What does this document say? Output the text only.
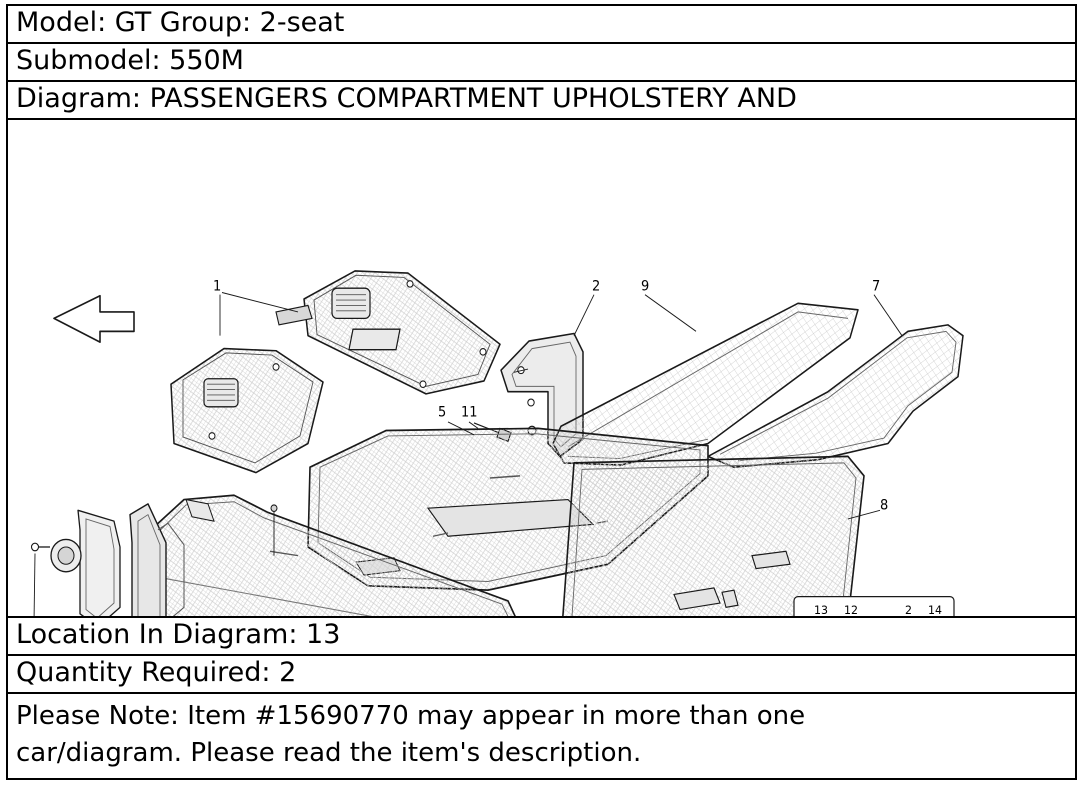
Model: GT Group: 2-seat
Submodel: 550M
Diagram: PASSENGERS COMPARTMENT UPHOLSTERY AND
1	2	9	7
5 11
8
13 12	2 14
Location In Diagram: 13
Quantity Required: 2
Please Note: Item #15690770 may appear in more than one
car/diagram. Please read the item's description.
